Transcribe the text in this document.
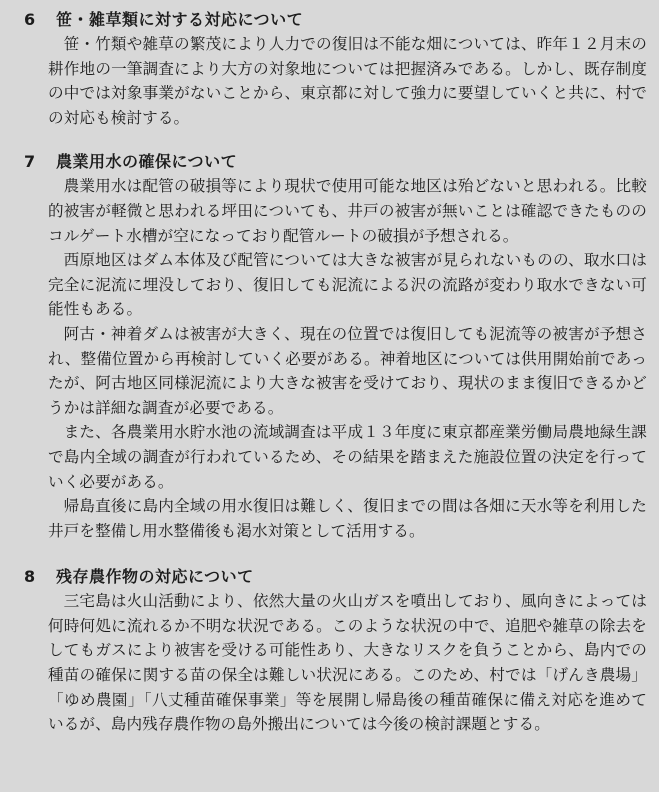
6	笹・雑草類に対する対応について

笹・竹類や雑草の繁茂により人力での復旧は不能な畑については、昨年１２月末の耕作地の一筆調査により大方の対象地については把握済みである。しかし、既存制度の中では対象事業がないことから、東京都に対して強力に要望していくと共に、村での対応も検討する。

7	農業用水の確保について

農業用水は配管の破損等により現状で使用可能な地区は殆どないと思われる。比較的被害が軽微と思われる坪田についても、井戸の被害が無いことは確認できたもののコルゲート水槽が空になっており配管ルートの破損が予想される。

西原地区はダム本体及び配管については大きな被害が見られないものの、取水口は完全に泥流に埋没しており、復旧しても泥流による沢の流路が変わり取水できない可能性もある。

阿古・神着ダムは被害が大きく、現在の位置では復旧しても泥流等の被害が予想され、整備位置から再検討していく必要がある。神着地区については供用開始前であったが、阿古地区同様泥流により大きな被害を受けており、現状のまま復旧できるかどうかは詳細な調査が必要である。

また、各農業用水貯水池の流域調査は平成１３年度に東京都産業労働局農地緑生課で島内全域の調査が行われているため、その結果を踏まえた施設位置の決定を行っていく必要がある。

帰島直後に島内全域の用水復旧は難しく、復旧までの間は各畑に天水等を利用した井戸を整備し用水整備後も渇水対策として活用する。

8	残存農作物の対応について

三宅島は火山活動により、依然大量の火山ガスを噴出しており、風向きによっては何時何処に流れるか不明な状況である。このような状況の中で、追肥や雑草の除去をしてもガスにより被害を受ける可能性あり、大きなリスクを負うことから、島内での種苗の確保に関する苗の保全は難しい状況にある。このため、村では「げんき農場」「ゆめ農園」「八丈種苗確保事業」等を展開し帰島後の種苗確保に備え対応を進めているが、島内残存農作物の島外搬出については今後の検討課題とする。
